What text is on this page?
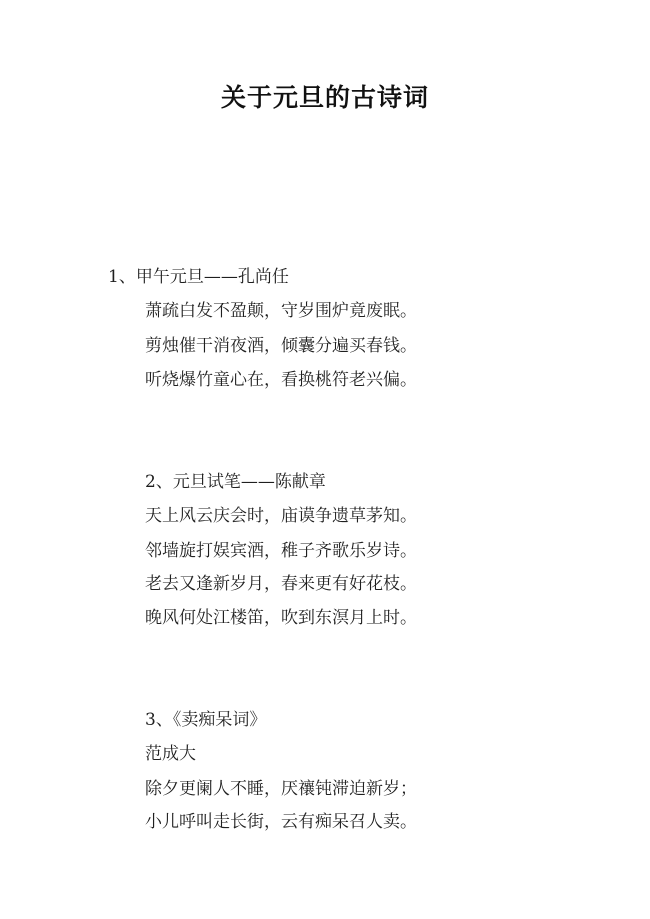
关于元旦的古诗词
1、甲午元旦——孔尚任
萧疏白发不盈颠，守岁围炉竟废眠。
剪烛催干消夜酒，倾囊分遍买春钱。
听烧爆竹童心在，看换桃符老兴偏。
2、元旦试笔——陈献章
天上风云庆会时，庙谟争遗草茅知。
邻墙旋打娱宾酒，稚子齐歌乐岁诗。
老去又逢新岁月，春来更有好花枝。
晚风何处江楼笛，吹到东溟月上时。
3、《卖痴呆词》
范成大
除夕更阑人不睡，厌禳钝滞迫新岁；
小儿呼叫走长街，云有痴呆召人卖。
